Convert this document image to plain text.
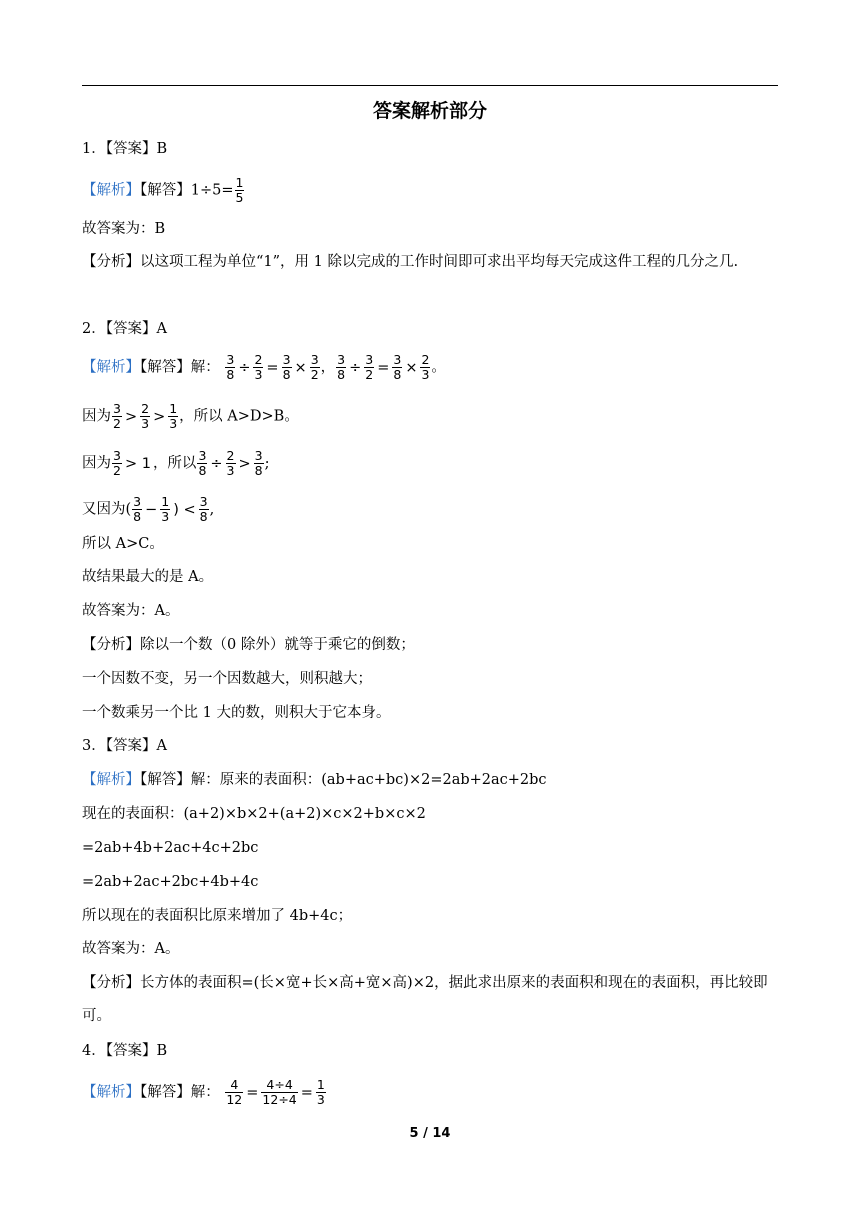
答案解析部分
1．【答案】B
【解析】【解答】$1\div 5= \frac{1}{5}$
故答案为：B
【分析】以这项工程为单位“1”，用 1 除以完成的工作时间即可求出平均每天完成这件工程的几分之几.
2．【答案】A
【解析】【解答】解： $\frac{3}{8} \div \frac{2}{3} = \frac{3}{8} \times \frac{3}{2}$ ， $\frac{3}{8} \div \frac{3}{2} = \frac{3}{8} \times \frac{2}{3}$ 。
因为 $\frac{3}{2} > \frac{2}{3} > \frac{1}{3}$ ，所以 A>D>B。
因为 $\frac{3}{2} > 1$ ，所以 $\frac{3}{8} \div \frac{2}{3} > \frac{3}{8}$ ;
又因为( $\frac{3}{8} - \frac{1}{3}$ ) < $\frac{3}{8}$ ,
所以 A>C。
故结果最大的是 A。
故答案为：A。
【分析】除以一个数（0 除外）就等于乘它的倒数；
一个因数不变，另一个因数越大，则积越大；
一个数乘另一个比 1 大的数，则积大于它本身。
3．【答案】A
【解析】【解答】解：原来的表面积：(ab+ac+bc)×2=2ab+2ac+2bc
现在的表面积：(a+2)×b×2+(a+2)×c×2+b×c×2
=2ab+4b+2ac+4c+2bc
=2ab+2ac+2bc+4b+4c
所以现在的表面积比原来增加了 4b+4c；
故答案为：A。
【分析】长方体的表面积=(长×宽+长×高+宽×高)×2，据此求出原来的表面积和现在的表面积，再比较即可。
4．【答案】B
【解析】【解答】解： $\frac{4}{12} = \frac{4\div 4}{12\div 4} = \frac{1}{3}$
5 / 14
